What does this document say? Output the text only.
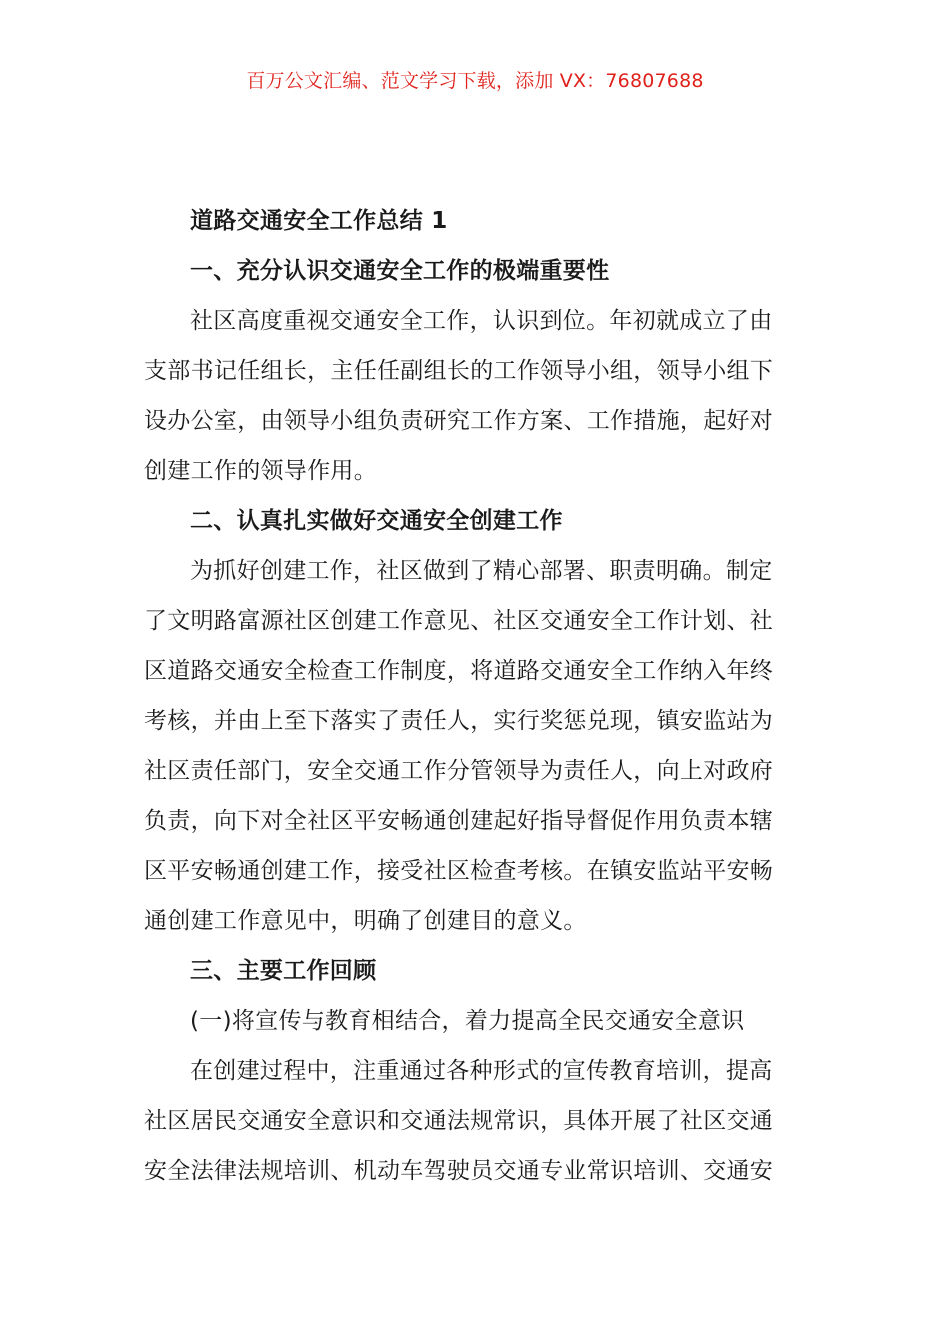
百万公文汇编、范文学习下载，添加 VX：76807688
道路交通安全工作总结 1
一、充分认识交通安全工作的极端重要性
社区高度重视交通安全工作，认识到位。年初就成立了由
支部书记任组长，主任任副组长的工作领导小组，领导小组下
设办公室，由领导小组负责研究工作方案、工作措施，起好对
创建工作的领导作用。
二、认真扎实做好交通安全创建工作
为抓好创建工作，社区做到了精心部署、职责明确。制定
了文明路富源社区创建工作意见、社区交通安全工作计划、社
区道路交通安全检查工作制度，将道路交通安全工作纳入年终
考核，并由上至下落实了责任人，实行奖惩兑现，镇安监站为
社区责任部门，安全交通工作分管领导为责任人，向上对政府
负责，向下对全社区平安畅通创建起好指导督促作用负责本辖
区平安畅通创建工作，接受社区检查考核。在镇安监站平安畅
通创建工作意见中，明确了创建目的意义。
三、主要工作回顾
(一)将宣传与教育相结合，着力提高全民交通安全意识
在创建过程中，注重通过各种形式的宣传教育培训，提高
社区居民交通安全意识和交通法规常识，具体开展了社区交通
安全法律法规培训、机动车驾驶员交通专业常识培训、交通安
